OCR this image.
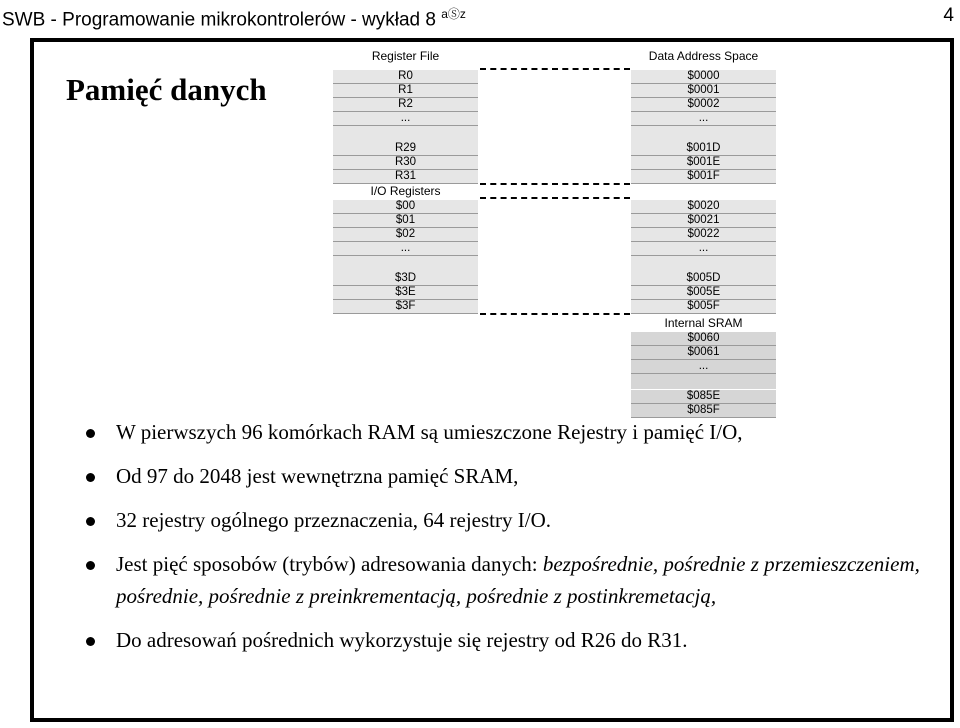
SWB - Programowanie mikrokontrolerów - wykład 8 $^{aⓈz}$	4
Pamięć danych
Register File
R0
R1
R2
...
R29
R30
R31
I/O Registers
$00
$01
$02
...
$3D
$3E
$3F
Data Address Space
$0000
$0001
$0002
...
$001D
$001E
$001F
$0020
$0021
$0022
...
$005D
$005E
$005F
Internal SRAM
$0060
$0061
...
$085E
$085F
W pierwszych 96 komórkach RAM są umieszczone Rejestry i pamięć I/O,
Od 97 do 2048 jest wewnętrzna pamięć SRAM,
32 rejestry ogólnego przeznaczenia, 64 rejestry I/O.
Jest pięć sposobów (trybów) adresowania danych: bezpośrednie, pośrednie z przemieszczeniem, pośrednie, pośrednie z preinkrementacją, pośrednie z postinkremetacją,
Do adresowań pośrednich wykorzystuje się rejestry od R26 do R31.
